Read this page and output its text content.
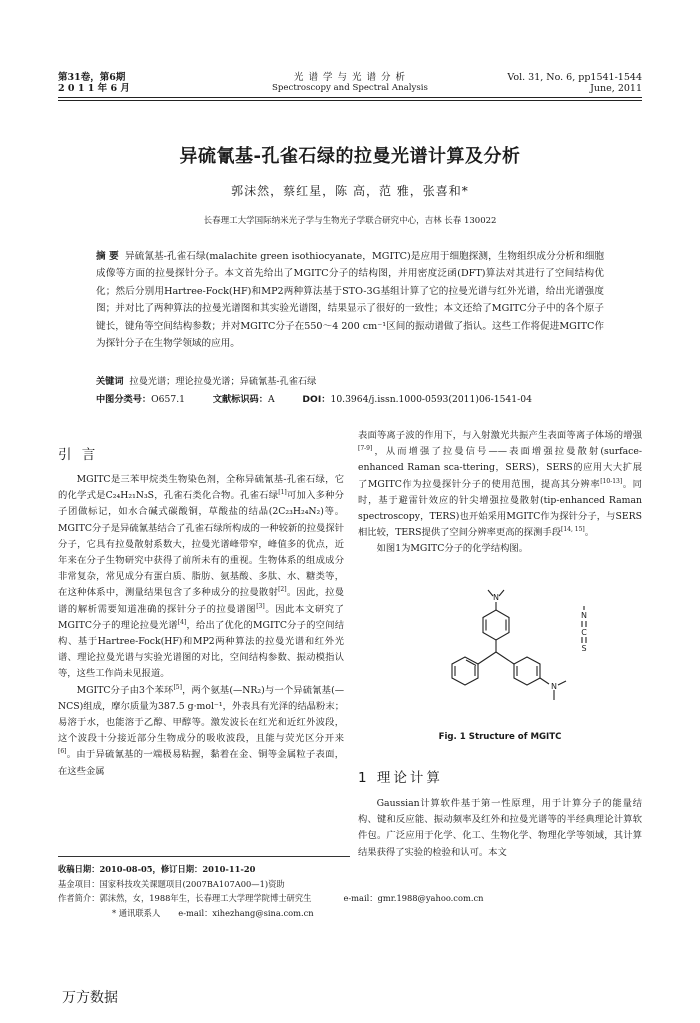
第31卷，第6期
2 0 1 1 年 6 月
光 谱 学 与 光 谱 分 析
Spectroscopy and Spectral Analysis
Vol. 31, No. 6, pp1541-1544
June, 2011
异硫氰基-孔雀石绿的拉曼光谱计算及分析
郭沫然，蔡红星，陈 高，范 雅，张喜和*
长春理工大学国际纳米光子学与生物光子学联合研究中心，吉林 长春 130022
摘 要 异硫氰基-孔雀石绿(malachite green isothiocyanate，MGITC)是应用于细胞探测，生物组织成分分析和细胞成像等方面的拉曼探针分子。本文首先给出了MGITC分子的结构图，并用密度泛函(DFT)算法对其进行了空间结构优化；然后分别用Hartree-Fock(HF)和MP2两种算法基于STO-3G基组计算了它的拉曼光谱与红外光谱，给出光谱强度图；并对比了两种算法的拉曼光谱图和其实验光谱图，结果显示了很好的一致性；本文还给了MGITC分子中的各个原子键长，键角等空间结构参数；并对MGITC分子在550～4 200 cm⁻¹区间的振动谱做了指认。这些工作将促进MGITC作为探针分子在生物学领域的应用。
关键词 拉曼光谱；理论拉曼光谱；异硫氰基-孔雀石绿
中图分类号：O657.1	文献标识码：A	DOI：10.3964/j.issn.1000-0593(2011)06-1541-04
引 言

MGITC是三苯甲烷类生物染色剂，全称异硫氰基-孔雀石绿，它的化学式是C₂₄H₂₁N₃S，孔雀石类化合物。孔雀石绿[1]可加入多种分子团做标记，如水合碱式碳酸铜，草酸盐的结晶(2C₂₃H₂₄N₂)等。MGITC分子是异硫氰基结合了孔雀石绿所构成的一种较新的拉曼探针分子，它具有拉曼散射系数大，拉曼光谱峰带窄，峰值多的优点，近年来在分子生物研究中获得了前所未有的重视。生物体系的组成成分非常复杂，常见成分有蛋白质、脂肪、氨基酸、多肽、水、糖类等，在这种体系中，测量结果包含了多种成分的拉曼散射[2]。因此，拉曼谱的解析需要知道准确的探针分子的拉曼谱图[3]。因此本文研究了MGITC分子的理论拉曼光谱[4]，给出了优化的MGITC分子的空间结构、基于Hartree-Fock(HF)和MP2两种算法的拉曼光谱和红外光谱、理论拉曼光谱与实验光谱图的对比，空间结构参数、振动模指认等，这些工作尚未见报道。

MGITC分子由3个苯环[5]，两个氨基(—NR₂)与一个异硫氰基(—NCS)组成，摩尔质量为387.5 g·mol⁻¹，外表具有光泽的结晶粉末；易溶于水，也能溶于乙醇、甲醇等。激发波长在红光和近红外波段，这个波段十分接近部分生物成分的吸收波段，且能与荧光区分开来[6]。由于异硫氰基的一端极易粘握，黏着在金、铜等金属粒子表面，在这些金属

表面等离子波的作用下，与入射激光共振产生表面等离子体场的增强[7-9]，从而增强了拉曼信号——表面增强拉曼散射(surface-enhanced Raman sca-ttering，SERS)，SERS的应用大大扩展了MGITC作为拉曼探针分子的使用范围，提高其分辨率[10-13]。同时，基于避雷针效应的针尖增强拉曼散射(tip-enhanced Raman spectroscopy，TERS)也开始采用MGITC作为探针分子，与SERS相比较，TERS提供了空间分辨率更高的探测手段[14, 15]。

如图1为MGITC分子的化学结构图。

N
N
N
C
S
Fig. 1 Structure of MGITC
1 理论计算

Gaussian计算软件基于第一性原理，用于计算分子的能量结构、键和反应能、振动频率及红外和拉曼光谱等的半经典理论计算软件包。广泛应用于化学、化工、生物化学、物理化学等领域，其计算结果获得了实验的检验和认可。本文

收稿日期：2010-08-05，修订日期：2010-11-20
基金项目：国家科技攻关课题项目(2007BA107A00—1)资助
作者简介：郭沫然，女，1988年生，长春理工大学理学院博士研究生	e-mail：gmr.1988@yahoo.com.cn
* 通讯联系人 e-mail：xihezhang@sina.com.cn
万方数据
